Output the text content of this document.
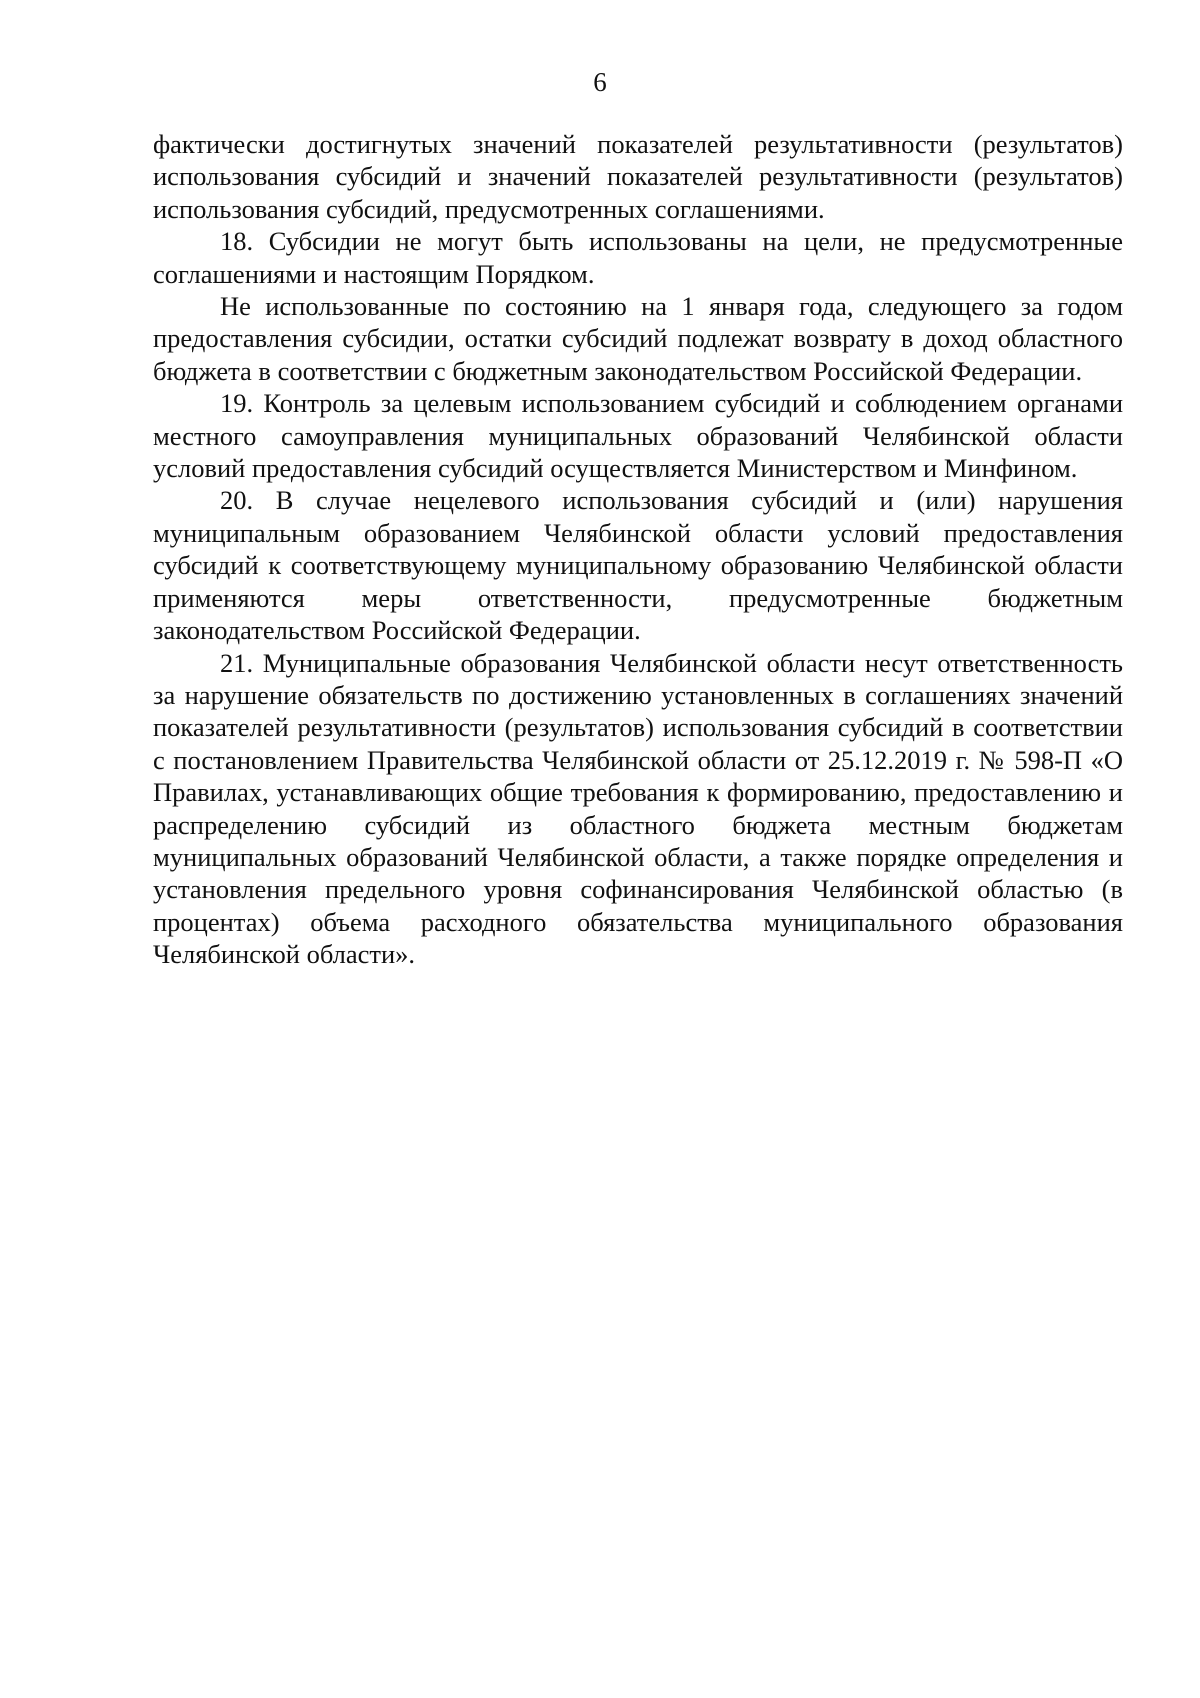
6

фактически достигнутых значений показателей результативности (результатов) использования субсидий и значений показателей результативности (результатов) использования субсидий, предусмотренных соглашениями.

18. Субсидии не могут быть использованы на цели, не предусмотренные соглашениями и настоящим Порядком.

Не использованные по состоянию на 1 января года, следующего за годом предоставления субсидии, остатки субсидий подлежат возврату в доход областного бюджета в соответствии с бюджетным законодательством Российской Федерации.

19. Контроль за целевым использованием субсидий и соблюдением органами местного самоуправления муниципальных образований Челябинской области условий предоставления субсидий осуществляется Министерством и Минфином.

20. В случае нецелевого использования субсидий и (или) нарушения муниципальным образованием Челябинской области условий предоставления субсидий к соответствующему муниципальному образованию Челябинской области применяются меры ответственности, предусмотренные бюджетным законодательством Российской Федерации.

21. Муниципальные образования Челябинской области несут ответственность за нарушение обязательств по достижению установленных в соглашениях значений показателей результативности (результатов) использования субсидий в соответствии с постановлением Правительства Челябинской области от 25.12.2019 г. № 598-П «О Правилах, устанавливающих общие требования к формированию, предоставлению и распределению субсидий из областного бюджета местным бюджетам муниципальных образований Челябинской области, а также порядке определения и установления предельного уровня софинансирования Челябинской областью (в процентах) объема расходного обязательства муниципального образования Челябинской области».
